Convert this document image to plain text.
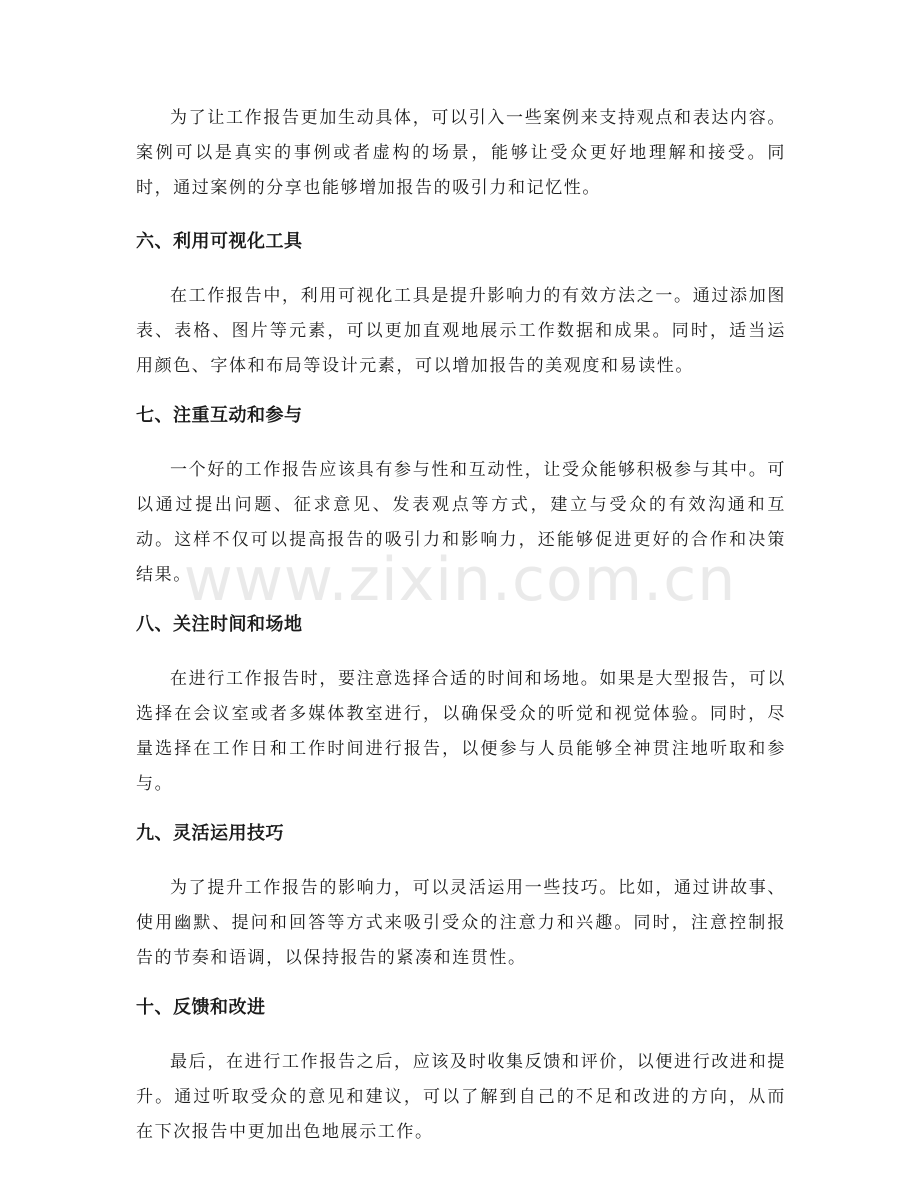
为了让工作报告更加生动具体，可以引入一些案例来支持观点和表达内容。案例可以是真实的事例或者虚构的场景，能够让受众更好地理解和接受。同时，通过案例的分享也能够增加报告的吸引力和记忆性。

六、利用可视化工具

在工作报告中，利用可视化工具是提升影响力的有效方法之一。通过添加图表、表格、图片等元素，可以更加直观地展示工作数据和成果。同时，适当运用颜色、字体和布局等设计元素，可以增加报告的美观度和易读性。

七、注重互动和参与

一个好的工作报告应该具有参与性和互动性，让受众能够积极参与其中。可以通过提出问题、征求意见、发表观点等方式，建立与受众的有效沟通和互动。这样不仅可以提高报告的吸引力和影响力，还能够促进更好的合作和决策结果。

八、关注时间和场地

在进行工作报告时，要注意选择合适的时间和场地。如果是大型报告，可以选择在会议室或者多媒体教室进行，以确保受众的听觉和视觉体验。同时，尽量选择在工作日和工作时间进行报告，以便参与人员能够全神贯注地听取和参与。

九、灵活运用技巧

为了提升工作报告的影响力，可以灵活运用一些技巧。比如，通过讲故事、使用幽默、提问和回答等方式来吸引受众的注意力和兴趣。同时，注意控制报告的节奏和语调，以保持报告的紧凑和连贯性。

十、反馈和改进

最后，在进行工作报告之后，应该及时收集反馈和评价，以便进行改进和提升。通过听取受众的意见和建议，可以了解到自己的不足和改进的方向，从而在下次报告中更加出色地展示工作。

www.zixin.com.cn
